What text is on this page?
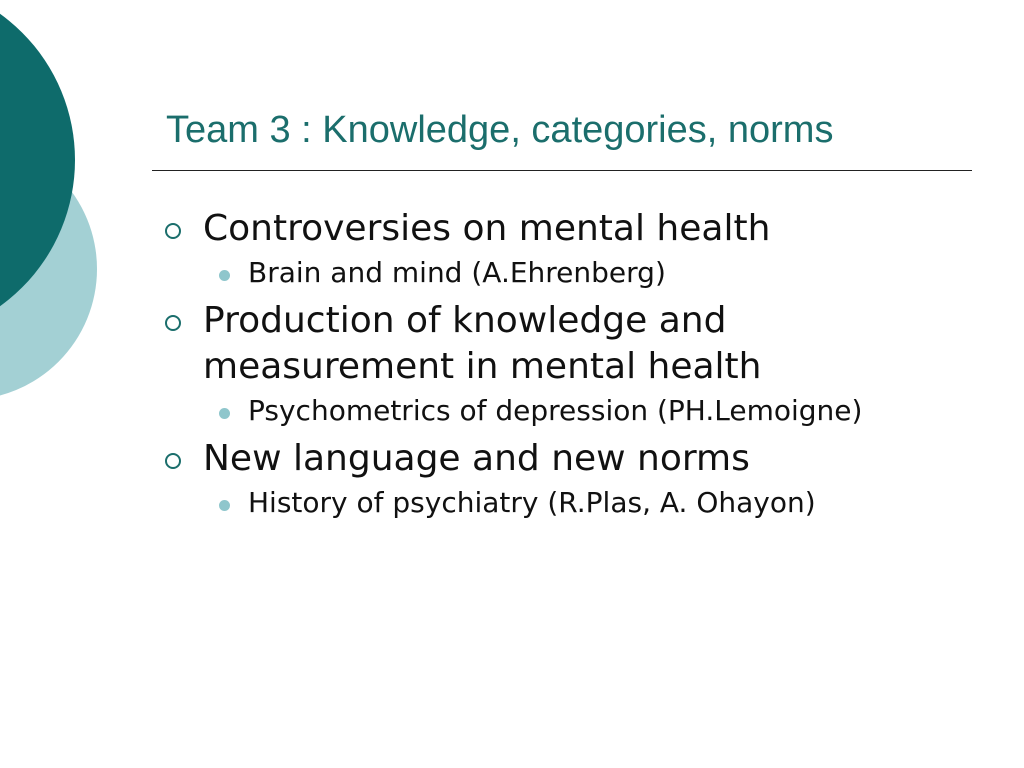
Team 3 : Knowledge, categories, norms
Controversies on mental health
Brain and mind (A.Ehrenberg)
Production of knowledge and measurement in mental health
Psychometrics of depression (PH.Lemoigne)
New language and new norms
History of psychiatry (R.Plas, A. Ohayon)
